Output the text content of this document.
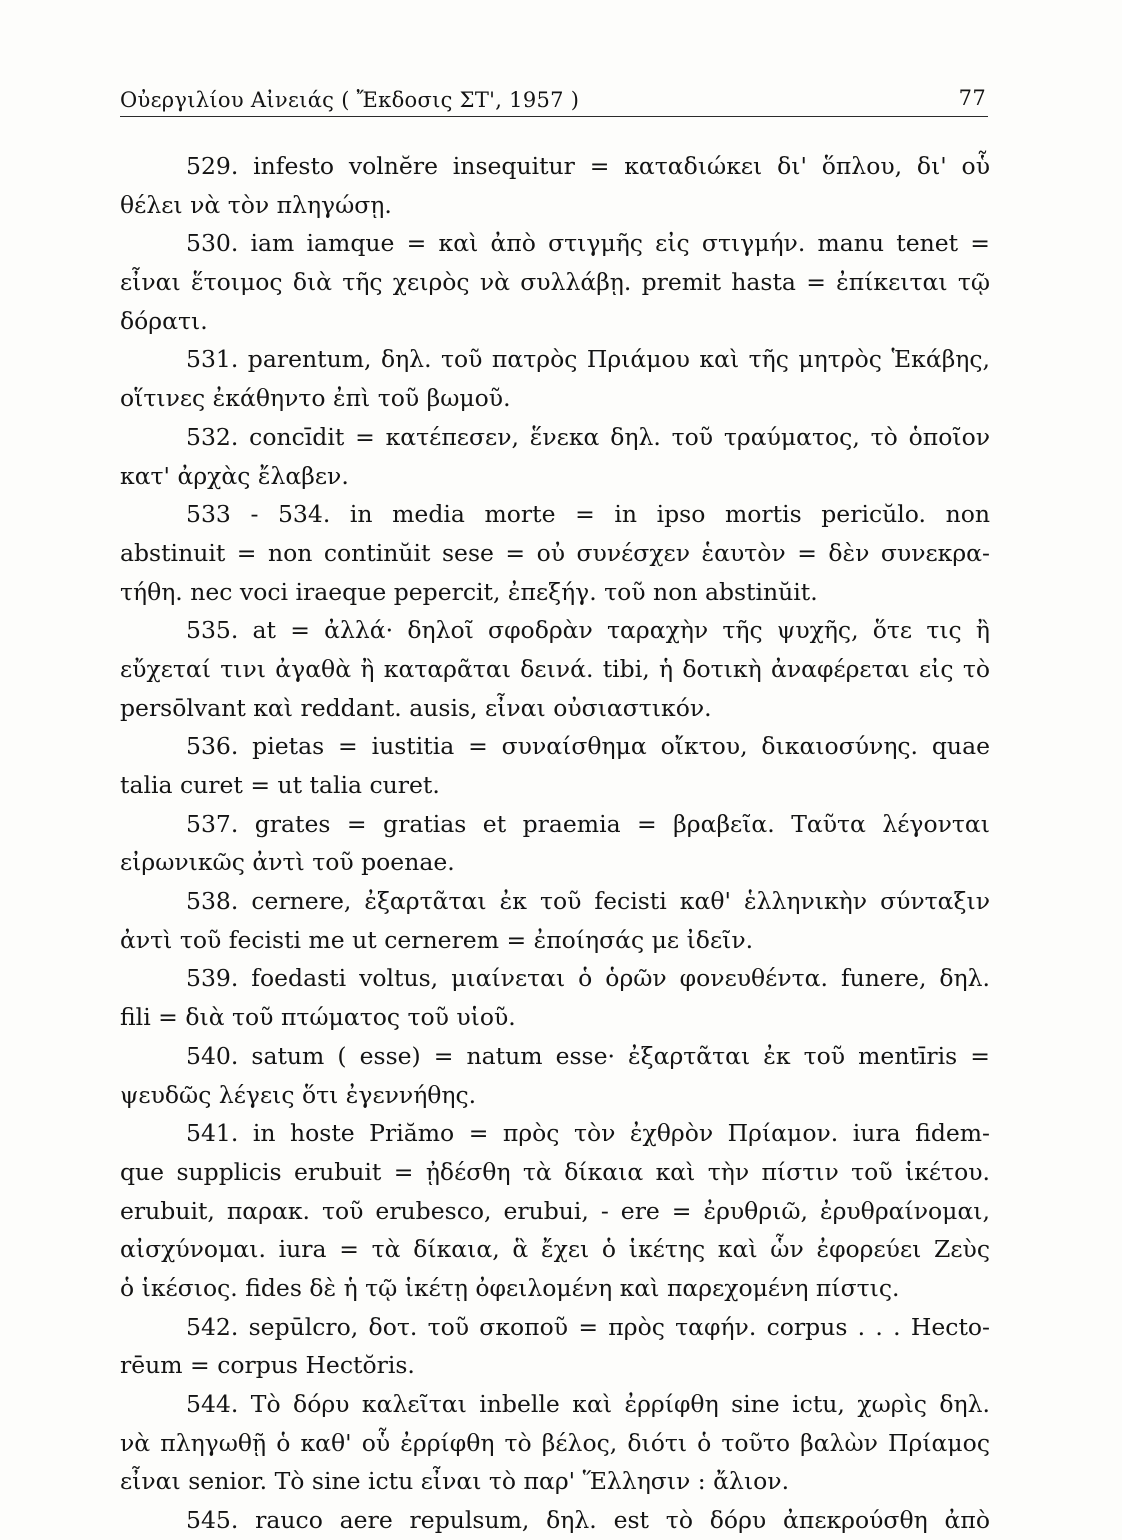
Οὐεργιλίου Αἰνειάς ( Ἔκδοσις ΣΤ', 1957 )	77
529. infesto volnĕre insequitur = καταδιώκει δι' ὅπλου, δι' οὗ
θέλει νὰ τὸν πληγώσῃ.
530. iam iamque = καὶ ἀπὸ στιγμῆς εἰς στιγμήν. manu tenet =
εἶναι ἕτοιμος διὰ τῆς χειρὸς νὰ συλλάβῃ. premit hasta = ἐπίκειται τῷ
δόρατι.
531. parentum, δηλ. τοῦ πατρὸς Πριάμου καὶ τῆς μητρὸς Ἑκάβης,
οἵτινες ἐκάθηντο ἐπὶ τοῦ βωμοῦ.
532. concīdit = κατέπεσεν, ἕνεκα δηλ. τοῦ τραύματος, τὸ ὁποῖον
κατ' ἀρχὰς ἔλαβεν.
533 - 534. in media morte = in ipso mortis pericŭlo. non
abstinuit = non continŭit sese = οὐ συνέσχεν ἑαυτὸν = δὲν συνεκρα-
τήθη. nec voci iraeque pepercit, ἐπεξήγ. τοῦ non abstinŭit.
535. at = ἀλλά· δηλοῖ σφοδρὰν ταραχὴν τῆς ψυχῆς, ὅτε τις ἢ
εὔχεταί τινι ἀγαθὰ ἢ καταρᾶται δεινά. tibi, ἡ δοτικὴ ἀναφέρεται εἰς τὸ
persōlvant καὶ reddant. ausis, εἶναι οὐσιαστικόν.
536. pietas = iustitia = συναίσθημα οἴκτου, δικαιοσύνης. quae
talia curet = ut talia curet.
537. grates = gratias et praemia = βραβεῖα. Ταῦτα λέγονται
εἰρωνικῶς ἀντὶ τοῦ poenae.
538. cernere, ἐξαρτᾶται ἐκ τοῦ fecisti καθ' ἑλληνικὴν σύνταξιν
ἀντὶ τοῦ fecisti me ut cernerem = ἐποίησάς με ἰδεῖν.
539. foedasti voltus, μιαίνεται ὁ ὁρῶν φονευθέντα. funere, δηλ.
fili = διὰ τοῦ πτώματος τοῦ υἱοῦ.
540. satum ( esse) = natum esse· ἐξαρτᾶται ἐκ τοῦ mentīris =
ψευδῶς λέγεις ὅτι ἐγεννήθης.
541. in hoste Priămo = πρὸς τὸν ἐχθρὸν Πρίαμον. iura fidem-
que supplicis erubuit = ᾐδέσθη τὰ δίκαια καὶ τὴν πίστιν τοῦ ἱκέτου.
erubuit, παρακ. τοῦ erubesco, erubui, - ere = ἐρυθριῶ, ἐρυθραίνομαι,
αἰσχύνομαι. iura = τὰ δίκαια, ἃ ἔχει ὁ ἱκέτης καὶ ὧν ἐφορεύει Ζεὺς
ὁ ἱκέσιος. fides δὲ ἡ τῷ ἱκέτῃ ὀφειλομένη καὶ παρεχομένη πίστις.
542. sepūlcro, δοτ. τοῦ σκοποῦ = πρὸς ταφήν. corpus . . . Hecto-
rēum = corpus Hectŏris.
544. Τὸ δόρυ καλεῖται inbelle καὶ ἐρρίφθη sine ictu, χωρὶς δηλ.
νὰ πληγωθῇ ὁ καθ' οὗ ἐρρίφθη τὸ βέλος, διότι ὁ τοῦτο βαλὼν Πρίαμος
εἶναι senior. Τὸ sine ictu εἶναι τὸ παρ' Ἕλλησιν : ἄλιον.
545. rauco aere repulsum, δηλ. est τὸ δόρυ ἀπεκρούσθη ἀπὸ
